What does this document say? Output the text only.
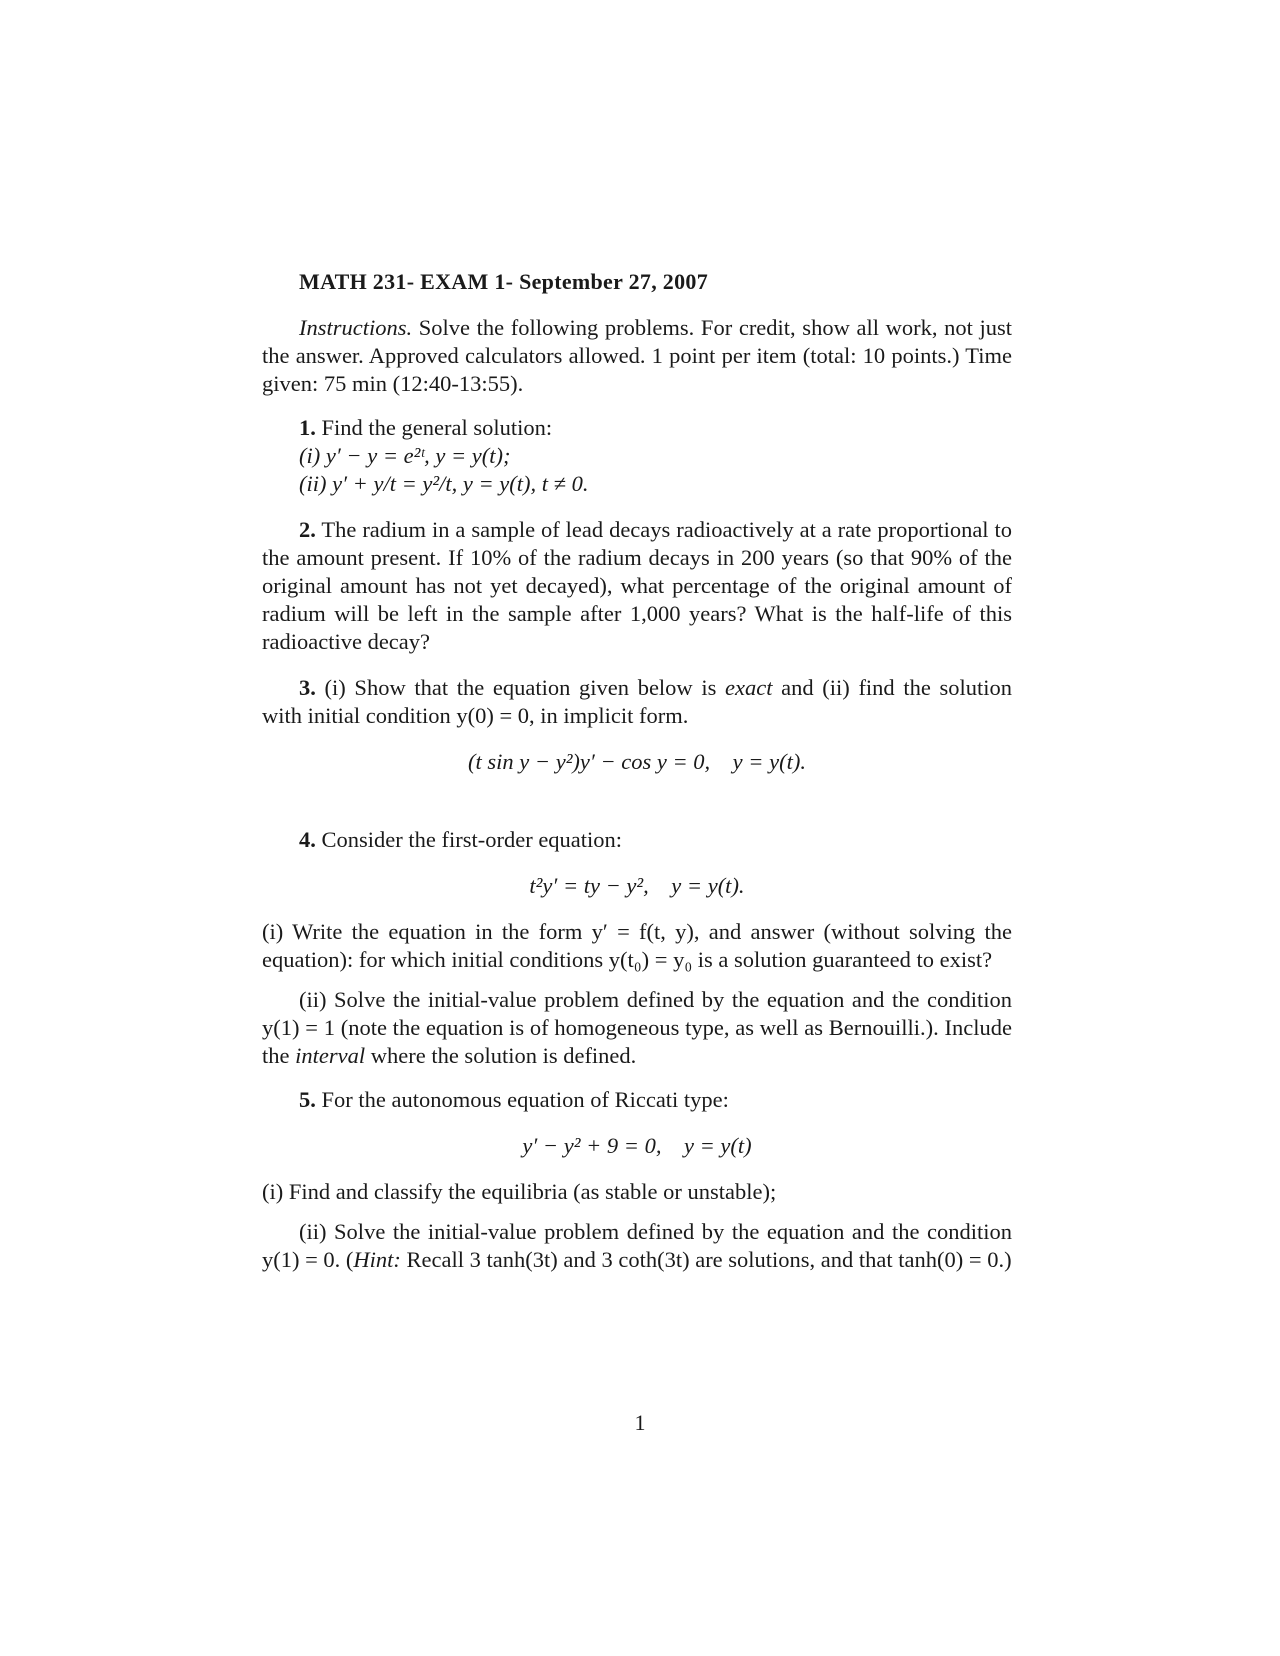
MATH 231- EXAM 1- September 27, 2007

Instructions. Solve the following problems. For credit, show all work, not just the answer. Approved calculators allowed. 1 point per item (total: 10 points.) Time given: 75 min (12:40-13:55).

1. Find the general solution:

(i) y′ − y = e²ᵗ, y = y(t);
(ii) y′ + y/t = y²/t, y = y(t), t ≠ 0.

2. The radium in a sample of lead decays radioactively at a rate proportional to the amount present. If 10% of the radium decays in 200 years (so that 90% of the original amount has not yet decayed), what percentage of the original amount of radium will be left in the sample after 1,000 years? What is the half-life of this radioactive decay?

3. (i) Show that the equation given below is exact and (ii) find the solution with initial condition y(0) = 0, in implicit form.

(t sin y − y²)y′ − cos y = 0,    y = y(t).

4. Consider the first-order equation:

t²y′ = ty − y²,    y = y(t).

(i) Write the equation in the form y′ = f(t, y), and answer (without solving the equation): for which initial conditions y(t₀) = y₀ is a solution guaranteed to exist?

(ii) Solve the initial-value problem defined by the equation and the condition y(1) = 1 (note the equation is of homogeneous type, as well as Bernouilli.). Include the interval where the solution is defined.

5. For the autonomous equation of Riccati type:

y′ − y² + 9 = 0,    y = y(t)

(i) Find and classify the equilibria (as stable or unstable);

(ii) Solve the initial-value problem defined by the equation and the condition y(1) = 0. (Hint: Recall 3 tanh(3t) and 3 coth(3t) are solutions, and that tanh(0) = 0.)

1
